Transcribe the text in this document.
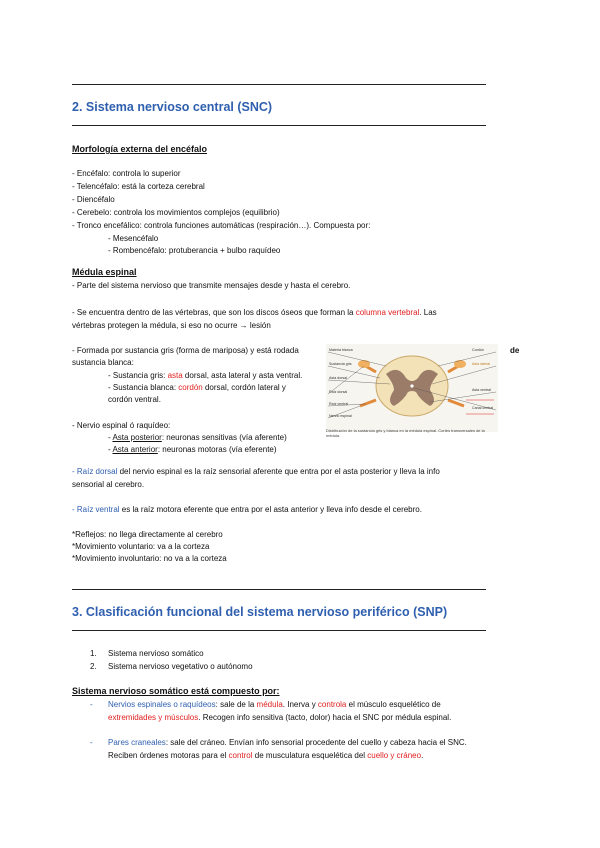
2. Sistema nervioso central (SNC)
Morfología externa del encéfalo
- Encéfalo: controla lo superior
- Telencéfalo: está la corteza cerebral
- Diencéfalo
- Cerebelo: controla los movimientos complejos (equilibrio)
- Tronco encefálico: controla funciones automáticas (respiración…). Compuesta por:
- Mesencéfalo
- Rombencéfalo: protuberancia + bulbo raquídeo
Médula espinal
- Parte del sistema nervioso que transmite mensajes desde y hasta el cerebro.
- Se encuentra dentro de las vértebras, que son los discos óseos que forman la columna vertebral. Las
vértebras protegen la médula, si eso no ocurre → lesión
- Formada por sustancia gris (forma de mariposa) y está rodada	de
sustancia blanca:
- Sustancia gris: asta dorsal, asta lateral y asta ventral.
- Sustancia blanca: cordón dorsal, cordón lateral y
cordón ventral.
Materia blanca
Sustancia gris
Asta dorsal
Raíz dorsal
Raíz ventral
Nervio espinal
Cordón
Asta lateral
Asta ventral
Canal central
Distribución de la sustancia gris y blanca en la médula espinal. Cortes transversales de la médula.
- Nervio espinal ó raquídeo:
- Asta posterior: neuronas sensitivas (vía aferente)
- Asta anterior: neuronas motoras (vía eferente)
- Raíz dorsal del nervio espinal es la raíz sensorial aferente que entra por el asta posterior y lleva la info
sensorial al cerebro.
- Raíz ventral es la raíz motora eferente que entra por el asta anterior y lleva info desde el cerebro.
*Reflejos: no llega directamente al cerebro
*Movimiento voluntario: va a la corteza
*Movimiento involuntario: no va a la corteza
3. Clasificación funcional del sistema nervioso periférico (SNP)
1. Sistema nervioso somático
2. Sistema nervioso vegetativo o autónomo
Sistema nervioso somático está compuesto por:
- Nervios espinales o raquídeos: sale de la médula. Inerva y controla el músculo esquelético de
extremidades y músculos. Recogen info sensitiva (tacto, dolor) hacia el SNC por médula espinal.
- Pares craneales: sale del cráneo. Envían info sensorial procedente del cuello y cabeza hacia el SNC.
Reciben órdenes motoras para el control de musculatura esquelética del cuello y cráneo.
